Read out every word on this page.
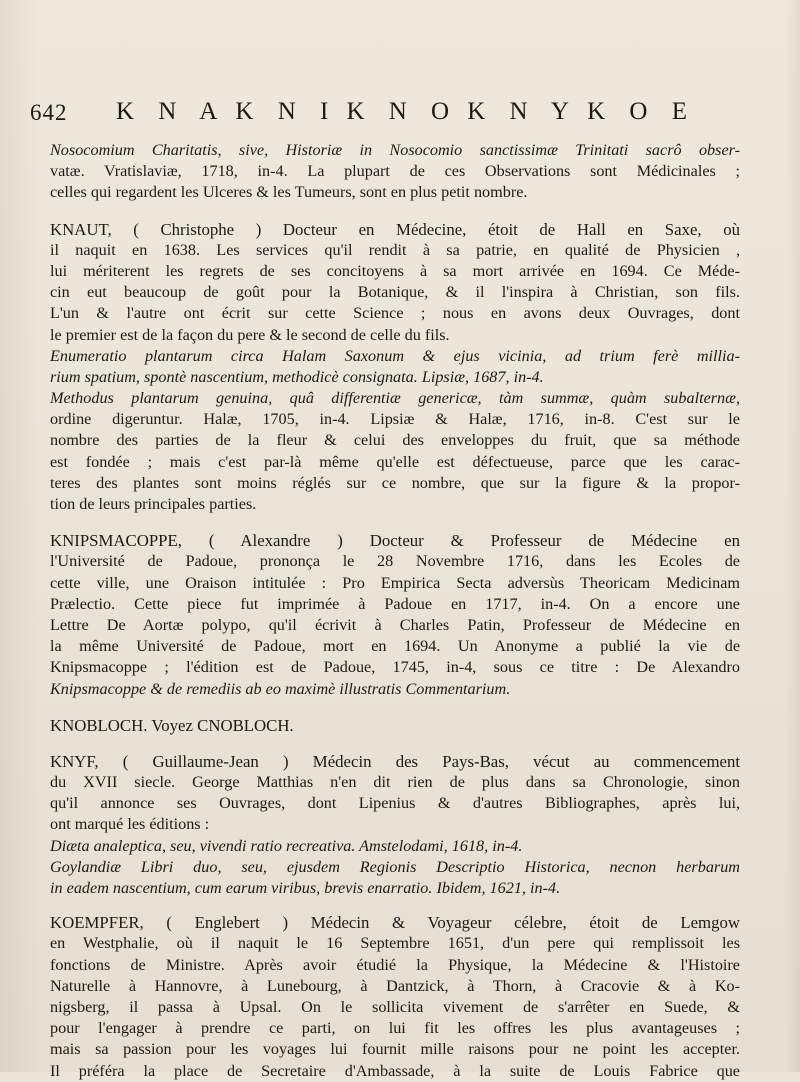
642 K N A K N I K N O K N Y K O E
Nosocomium Charitatis, sive, Historiæ in Nosocomio sanctissimæ Trinitati sacrô obser-
vatæ. Vratislaviæ, 1718, in-4. La plupart de ces Observations sont Médicinales ;
celles qui regardent les Ulceres & les Tumeurs, sont en plus petit nombre.
KNAUT, ( Christophe ) Docteur en Médecine, étoit de Hall en Saxe, où
il naquit en 1638. Les services qu'il rendit à sa patrie, en qualité de Physicien ,
lui mériterent les regrets de ses concitoyens à sa mort arrivée en 1694. Ce Méde-
cin eut beaucoup de goût pour la Botanique, & il l'inspira à Christian, son fils.
L'un & l'autre ont écrit sur cette Science ; nous en avons deux Ouvrages, dont
le premier est de la façon du pere & le second de celle du fils.
Enumeratio plantarum circa Halam Saxonum & ejus vicinia, ad trium ferè millia-
rium spatium, spontè nascentium, methodicè consignata. Lipsiæ, 1687, in-4.
Methodus plantarum genuina, quâ differentiæ genericæ, tàm summæ, quàm subalternæ,
ordine digeruntur. Halæ, 1705, in-4. Lipsiæ & Halæ, 1716, in-8. C'est sur le
nombre des parties de la fleur & celui des enveloppes du fruit, que sa méthode
est fondée ; mais c'est par-là même qu'elle est défectueuse, parce que les carac-
teres des plantes sont moins réglés sur ce nombre, que sur la figure & la propor-
tion de leurs principales parties.
KNIPSMACOPPE, ( Alexandre ) Docteur & Professeur de Médecine en
l'Université de Padoue, prononça le 28 Novembre 1716, dans les Ecoles de
cette ville, une Oraison intitulée : Pro Empirica Secta adversùs Theoricam Medicinam
Prælectio. Cette piece fut imprimée à Padoue en 1717, in-4. On a encore une
Lettre De Aortæ polypo, qu'il écrivit à Charles Patin, Professeur de Médecine en
la même Université de Padoue, mort en 1694. Un Anonyme a publié la vie de
Knipsmacoppe ; l'édition est de Padoue, 1745, in-4, sous ce titre : De Alexandro
Knipsmacoppe & de remediis ab eo maximè illustratis Commentarium.
KNOBLOCH. Voyez CNOBLOCH.
KNYF, ( Guillaume-Jean ) Médecin des Pays-Bas, vécut au commencement
du XVII siecle. George Matthias n'en dit rien de plus dans sa Chronologie, sinon
qu'il annonce ses Ouvrages, dont Lipenius & d'autres Bibliographes, après lui,
ont marqué les éditions :
Diæta analeptica, seu, vivendi ratio recreativa. Amstelodami, 1618, in-4.
Goylandiæ Libri duo, seu, ejusdem Regionis Descriptio Historica, necnon herbarum
in eadem nascentium, cum earum viribus, brevis enarratio. Ibidem, 1621, in-4.
KOEMPFER, ( Englebert ) Médecin & Voyageur célebre, étoit de Lemgow
en Westphalie, où il naquit le 16 Septembre 1651, d'un pere qui remplissoit les
fonctions de Ministre. Après avoir étudié la Physique, la Médecine & l'Histoire
Naturelle à Hannovre, à Lunebourg, à Dantzick, à Thorn, à Cracovie & à Ko-
nigsberg, il passa à Upsal. On le sollicita vivement de s'arrêter en Suede, &
pour l'engager à prendre ce parti, on lui fit les offres les plus avantageuses ;
mais sa passion pour les voyages lui fournit mille raisons pour ne point les accepter.
Il préféra la place de Secretaire d'Ambassade, à la suite de Louis Fabrice que
